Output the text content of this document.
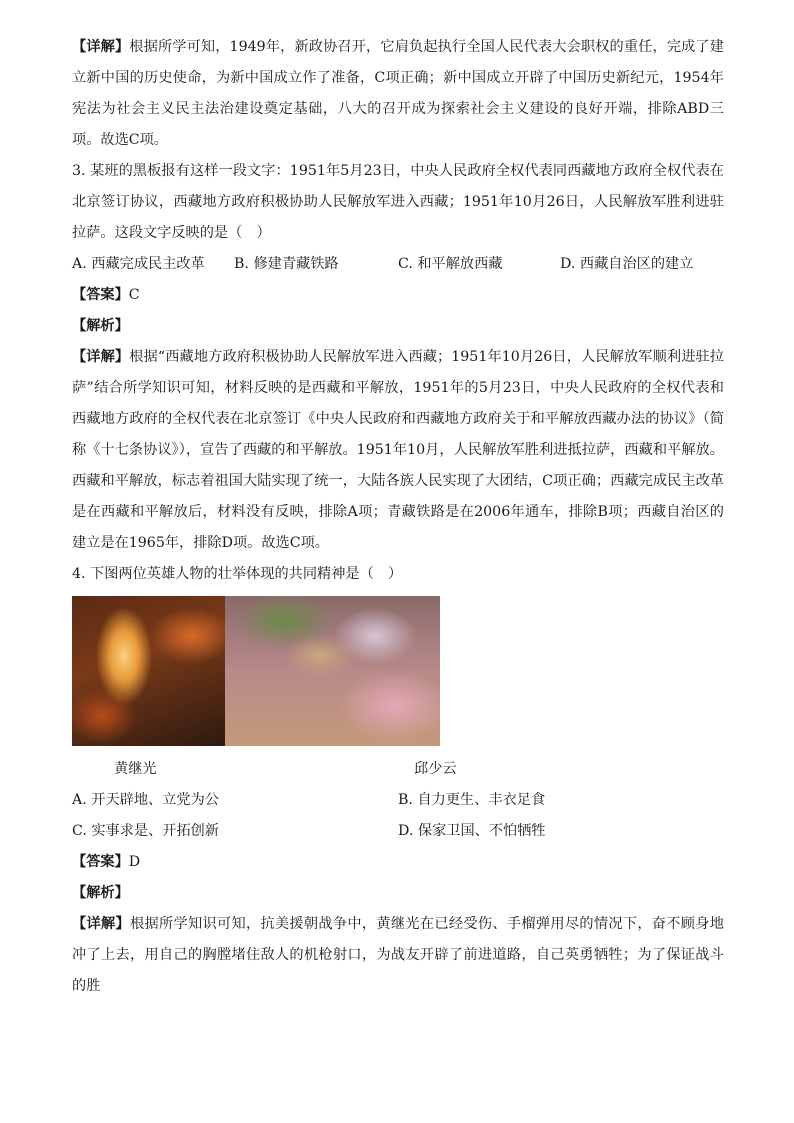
【详解】根据所学可知，1949年，新政协召开，它肩负起执行全国人民代表大会职权的重任，完成了建立新中国的历史使命，为新中国成立作了准备，C项正确；新中国成立开辟了中国历史新纪元，1954年宪法为社会主义民主法治建设奠定基础，八大的召开成为探索社会主义建设的良好开端，排除ABD三项。故选C项。

3. 某班的黑板报有这样一段文字：1951年5月23日，中央人民政府全权代表同西藏地方政府全权代表在北京签订协议，西藏地方政府积极协助人民解放军进入西藏；1951年10月26日，人民解放军胜利进驻拉萨。这段文字反映的是（　）

A. 西藏完成民主改革	B. 修建青藏铁路	C. 和平解放西藏	D. 西藏自治区的建立

【答案】C

【解析】

【详解】根据“西藏地方政府积极协助人民解放军进入西藏；1951年10月26日，人民解放军顺利进驻拉萨”结合所学知识可知，材料反映的是西藏和平解放，1951年的5月23日，中央人民政府的全权代表和西藏地方政府的全权代表在北京签订《中央人民政府和西藏地方政府关于和平解放西藏办法的协议》（简称《十七条协议》），宣告了西藏的和平解放。1951年10月，人民解放军胜利进抵拉萨，西藏和平解放。西藏和平解放，标志着祖国大陆实现了统一，大陆各族人民实现了大团结，C项正确；西藏完成民主改革是在西藏和平解放后，材料没有反映，排除A项；青藏铁路是在2006年通车，排除B项；西藏自治区的建立是在1965年，排除D项。故选C项。

4. 下图两位英雄人物的壮举体现的共同精神是（　）

黄继光	邱少云
A. 开天辟地、立党为公	B. 自力更生、丰衣足食
C. 实事求是、开拓创新	D. 保家卫国、不怕牺牲

【答案】D

【解析】

【详解】根据所学知识可知，抗美援朝战争中，黄继光在已经受伤、手榴弹用尽的情况下，奋不顾身地冲了上去，用自己的胸膛堵住敌人的机枪射口，为战友开辟了前进道路，自己英勇牺牲；为了保证战斗的胜
